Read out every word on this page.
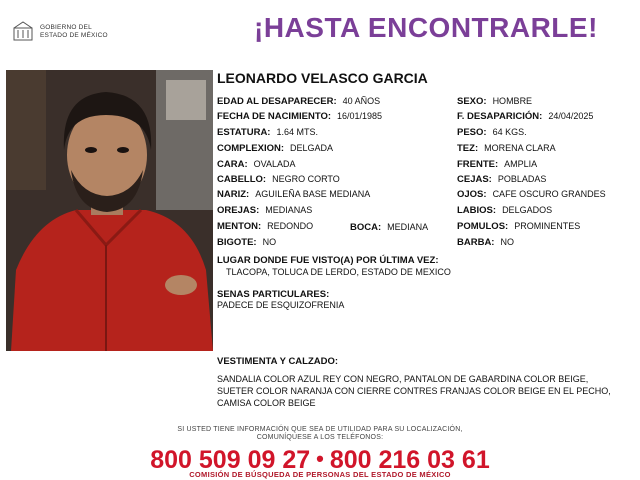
GOBIERNO DEL
ESTADO DE MÉXICO	¡HASTA ENCONTRARLE!
LEONARDO VELASCO GARCIA
EDAD AL DESAPARECER: 40 AÑOS
FECHA DE NACIMIENTO: 16/01/1985
ESTATURA: 1.64 MTS.
COMPLEXION: DELGADA
CARA: OVALADA
CABELLO: NEGRO CORTO
NARIZ: AGUILEÑA BASE MEDIANA
OREJAS: MEDIANAS
MENTON: REDONDO	BOCA: MEDIANA
BIGOTE: NO
SEXO: HOMBRE
F. DESAPARICIÓN: 24/04/2025
PESO: 64 KGS.
TEZ: MORENA CLARA
FRENTE: AMPLIA
CEJAS: POBLADAS
OJOS: CAFE OSCURO GRANDES
LABIOS: DELGADOS
POMULOS: PROMINENTES
BARBA: NO
LUGAR DONDE FUE VISTO(A) POR ÚLTIMA VEZ:
TLACOPA, TOLUCA DE LERDO, ESTADO DE MEXICO
SENAS PARTICULARES:
PADECE DE ESQUIZOFRENIA
VESTIMENTA Y CALZADO:
SANDALIA COLOR AZUL REY CON NEGRO, PANTALON DE GABARDINA COLOR BEIGE, SUETER COLOR NARANJA CON CIERRE CONTRES FRANJAS COLOR BEIGE EN EL PECHO, CAMISA COLOR BEIGE
SI USTED TIENE INFORMACIÓN QUE SEA DE UTILIDAD PARA SU LOCALIZACIÓN,
COMUNÍQUESE A LOS TELÉFONOS:
800 509 09 27 • 800 216 03 61
COMISIÓN DE BÚSQUEDA DE PERSONAS DEL ESTADO DE MÉXICO
